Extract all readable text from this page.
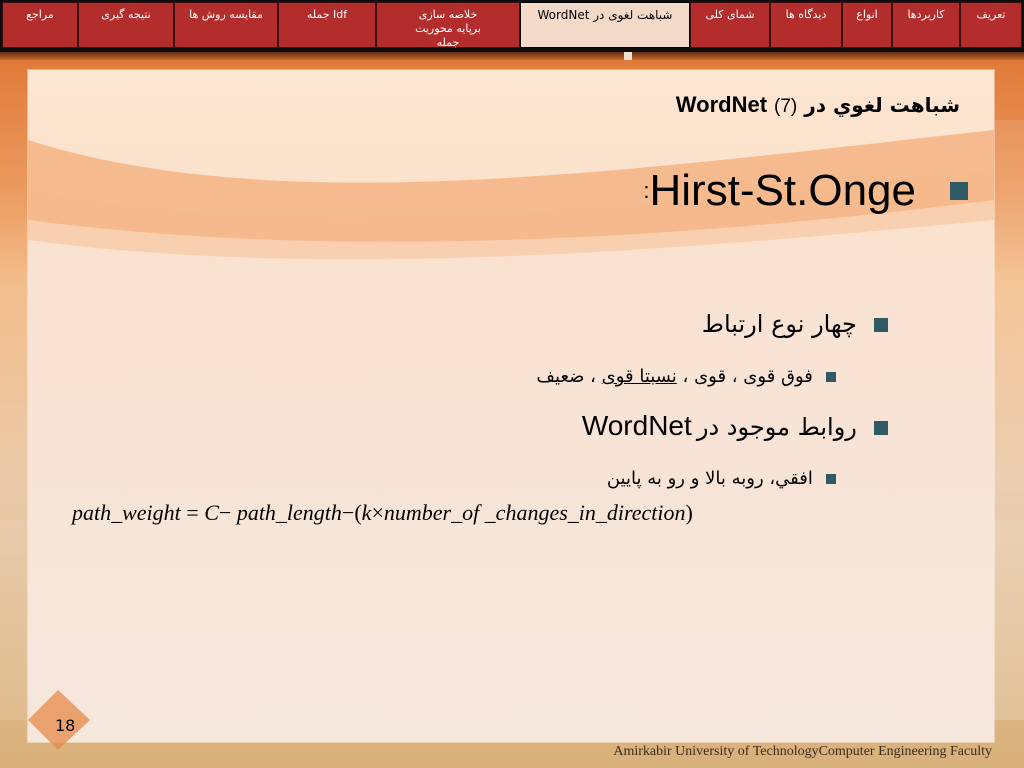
تعریف
کاربردها
انواع
دیدگاه ها
شمای کلی
شباهت لغوی در WordNet
خلاصه سازی برپایه محوریت جمله
Idf جمله
مقایسه روش ها
نتیجه گیری
مراجع
شباهت لغوي در WordNet (7)
Hirst-St.Onge:
چهار نوع ارتباط
فوق قوی ، قوی ، نسبتا قوی ، ضعیف
روابط موجود در WordNet
افقي، روبه بالا و رو به پايين
path_weight = C− path_length−(k×number_of _changes_in_direction)
18
Amirkabir University of TechnologyComputer Engineering Faculty
